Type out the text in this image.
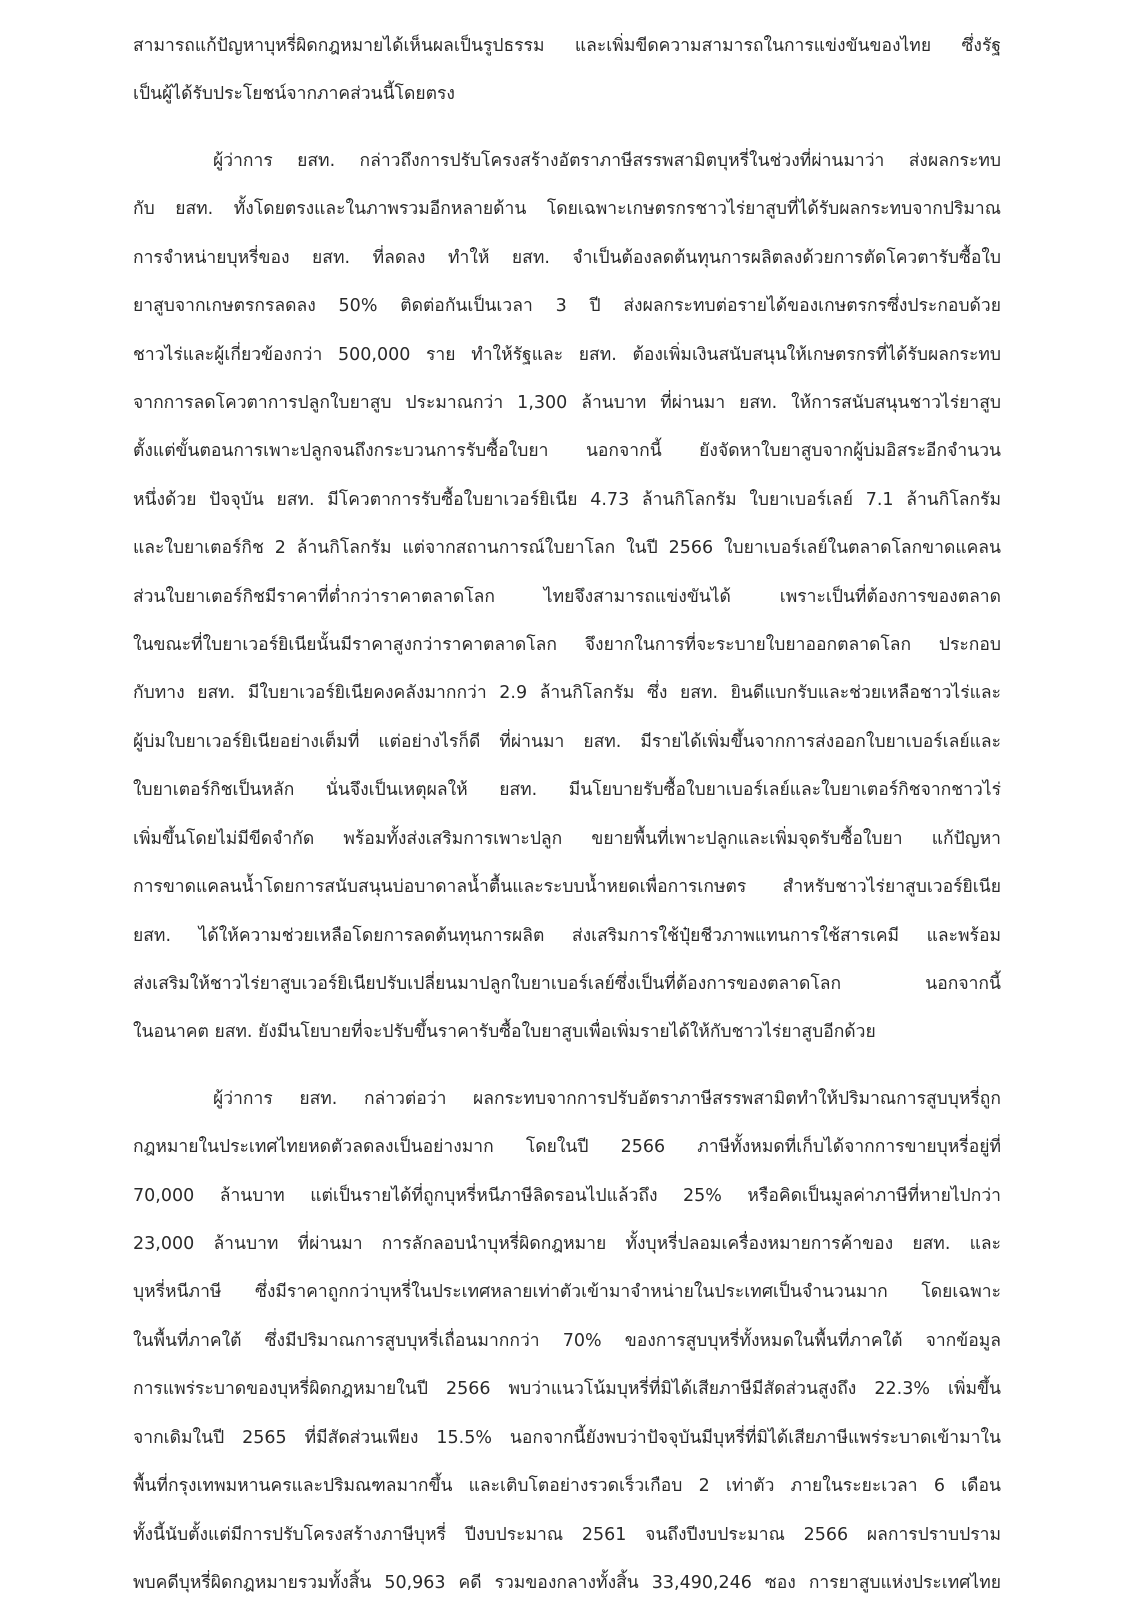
สามารถแก้ปัญหาบุหรี่ผิดกฎหมายได้เห็นผลเป็นรูปธรรม และเพิ่มขีดความสามารถในการแข่งขันของไทย ซึ่งรัฐ

เป็นผู้ได้รับประโยชน์จากภาคส่วนนี้โดยตรง

ผู้ว่าการ ยสท. กล่าวถึงการปรับโครงสร้างอัตราภาษีสรรพสามิตบุหรี่ในช่วงที่ผ่านมาว่า ส่งผลกระทบ

กับ ยสท. ทั้งโดยตรงและในภาพรวมอีกหลายด้าน โดยเฉพาะเกษตรกรชาวไร่ยาสูบที่ได้รับผลกระทบจากปริมาณ

การจำหน่ายบุหรี่ของ ยสท. ที่ลดลง ทำให้ ยสท. จำเป็นต้องลดต้นทุนการผลิตลงด้วยการตัดโควตารับซื้อใบ

ยาสูบจากเกษตรกรลดลง 50% ติดต่อกันเป็นเวลา 3 ปี ส่งผลกระทบต่อรายได้ของเกษตรกรซึ่งประกอบด้วย

ชาวไร่และผู้เกี่ยวข้องกว่า 500,000 ราย ทำให้รัฐและ ยสท. ต้องเพิ่มเงินสนับสนุนให้เกษตรกรที่ได้รับผลกระทบ

จากการลดโควตาการปลูกใบยาสูบ ประมาณกว่า 1,300 ล้านบาท ที่ผ่านมา ยสท. ให้การสนับสนุนชาวไร่ยาสูบ

ตั้งแต่ขั้นตอนการเพาะปลูกจนถึงกระบวนการรับซื้อใบยา นอกจากนี้ ยังจัดหาใบยาสูบจากผู้บ่มอิสระอีกจำนวน

หนึ่งด้วย ปัจจุบัน ยสท. มีโควตาการรับซื้อใบยาเวอร์ยิเนีย 4.73 ล้านกิโลกรัม ใบยาเบอร์เลย์ 7.1 ล้านกิโลกรัม

และใบยาเตอร์กิช 2 ล้านกิโลกรัม แต่จากสถานการณ์ใบยาโลก ในปี 2566 ใบยาเบอร์เลย์ในตลาดโลกขาดแคลน

ส่วนใบยาเตอร์กิชมีราคาที่ต่ำกว่าราคาตลาดโลก ไทยจึงสามารถแข่งขันได้ เพราะเป็นที่ต้องการของตลาด

ในขณะที่ใบยาเวอร์ยิเนียนั้นมีราคาสูงกว่าราคาตลาดโลก จึงยากในการที่จะระบายใบยาออกตลาดโลก ประกอบ

กับทาง ยสท. มีใบยาเวอร์ยิเนียคงคลังมากกว่า 2.9 ล้านกิโลกรัม ซึ่ง ยสท. ยินดีแบกรับและช่วยเหลือชาวไร่และ

ผู้บ่มใบยาเวอร์ยิเนียอย่างเต็มที่ แต่อย่างไรก็ดี ที่ผ่านมา ยสท. มีรายได้เพิ่มขึ้นจากการส่งออกใบยาเบอร์เลย์และ

ใบยาเตอร์กิชเป็นหลัก นั่นจึงเป็นเหตุผลให้ ยสท. มีนโยบายรับซื้อใบยาเบอร์เลย์และใบยาเตอร์กิชจากชาวไร่

เพิ่มขึ้นโดยไม่มีขีดจำกัด พร้อมทั้งส่งเสริมการเพาะปลูก ขยายพื้นที่เพาะปลูกและเพิ่มจุดรับซื้อใบยา แก้ปัญหา

การขาดแคลนน้ำโดยการสนับสนุนบ่อบาดาลน้ำตื้นและระบบน้ำหยดเพื่อการเกษตร สำหรับชาวไร่ยาสูบเวอร์ยิเนีย

ยสท. ได้ให้ความช่วยเหลือโดยการลดต้นทุนการผลิต ส่งเสริมการใช้ปุ๋ยชีวภาพแทนการใช้สารเคมี และพร้อม

ส่งเสริมให้ชาวไร่ยาสูบเวอร์ยิเนียปรับเปลี่ยนมาปลูกใบยาเบอร์เลย์ซึ่งเป็นที่ต้องการของตลาดโลก นอกจากนี้

ในอนาคต ยสท. ยังมีนโยบายที่จะปรับขึ้นราคารับซื้อใบยาสูบเพื่อเพิ่มรายได้ให้กับชาวไร่ยาสูบอีกด้วย

ผู้ว่าการ ยสท. กล่าวต่อว่า ผลกระทบจากการปรับอัตราภาษีสรรพสามิตทำให้ปริมาณการสูบบุหรี่ถูก

กฎหมายในประเทศไทยหดตัวลดลงเป็นอย่างมาก โดยในปี 2566 ภาษีทั้งหมดที่เก็บได้จากการขายบุหรี่อยู่ที่

70,000 ล้านบาท แต่เป็นรายได้ที่ถูกบุหรี่หนีภาษีลิดรอนไปแล้วถึง 25% หรือคิดเป็นมูลค่าภาษีที่หายไปกว่า

23,000 ล้านบาท ที่ผ่านมา การลักลอบนำบุหรี่ผิดกฎหมาย ทั้งบุหรี่ปลอมเครื่องหมายการค้าของ ยสท. และ

บุหรี่หนีภาษี ซึ่งมีราคาถูกกว่าบุหรี่ในประเทศหลายเท่าตัวเข้ามาจำหน่ายในประเทศเป็นจำนวนมาก โดยเฉพาะ

ในพื้นที่ภาคใต้ ซึ่งมีปริมาณการสูบบุหรี่เถื่อนมากกว่า 70% ของการสูบบุหรี่ทั้งหมดในพื้นที่ภาคใต้ จากข้อมูล

การแพร่ระบาดของบุหรี่ผิดกฎหมายในปี 2566 พบว่าแนวโน้มบุหรี่ที่มิได้เสียภาษีมีสัดส่วนสูงถึง 22.3% เพิ่มขึ้น

จากเดิมในปี 2565 ที่มีสัดส่วนเพียง 15.5% นอกจากนี้ยังพบว่าปัจจุบันมีบุหรี่ที่มิได้เสียภาษีแพร่ระบาดเข้ามาใน

พื้นที่กรุงเทพมหานครและปริมณฑลมากขึ้น และเติบโตอย่างรวดเร็วเกือบ 2 เท่าตัว ภายในระยะเวลา 6 เดือน

ทั้งนี้นับตั้งแต่มีการปรับโครงสร้างภาษีบุหรี่ ปีงบประมาณ 2561 จนถึงปีงบประมาณ 2566 ผลการปราบปราม

พบคดีบุหรี่ผิดกฎหมายรวมทั้งสิ้น 50,963 คดี รวมของกลางทั้งสิ้น 33,490,246 ซอง การยาสูบแห่งประเทศไทย
